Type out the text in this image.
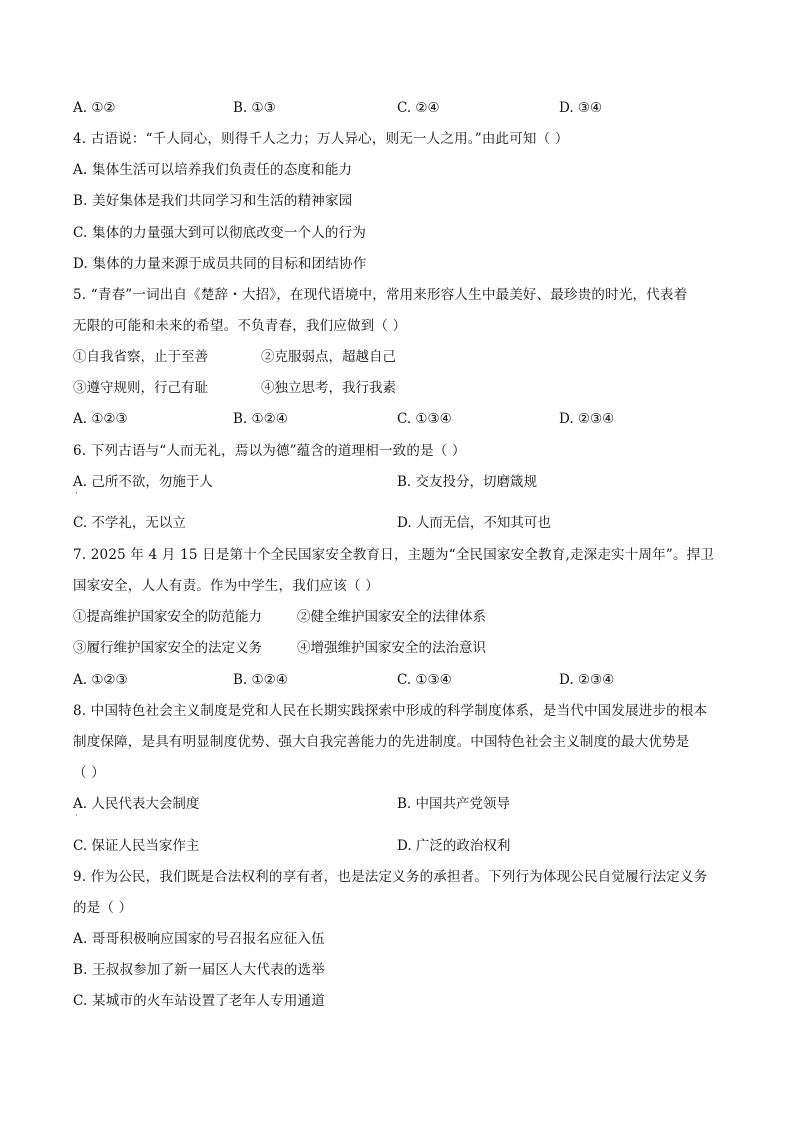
A. ①②	B. ①③	C. ②④	D. ③④
4. 古语说：“千人同心，则得千人之力；万人异心，则无一人之用。”由此可知（ ）
A. 集体生活可以培养我们负责任的态度和能力
B. 美好集体是我们共同学习和生活的精神家园
C. 集体的力量强大到可以彻底改变一个人的行为
D. 集体的力量来源于成员共同的目标和团结协作
5. “青春”一词出自《楚辞・大招》，在现代语境中，常用来形容人生中最美好、最珍贵的时光，代表着
无限的可能和未来的希望。不负青春，我们应做到（ ）
①自我省察，止于至善	②克服弱点，超越自己
③遵守规则，行己有耻	④独立思考，我行我素
A. ①②③	B. ①②④	C. ①③④	D. ②③④
6. 下列古语与“人而无礼，焉以为德”蕴含的道理相一致的是（ ）
A. 己所不欲，勿施于人	B. 交友投分，切磨箴规
C. 不学礼，无以立	D. 人而无信，不知其可也
7. 2025 年 4 月 15 日是第十个全民国家安全教育日，主题为“全民国家安全教育,走深走实十周年”。捍卫
国家安全，人人有责。作为中学生，我们应该（ ）
①提高维护国家安全的防范能力	②健全维护国家安全的法律体系
③履行维护国家安全的法定义务	④增强维护国家安全的法治意识
A. ①②③	B. ①②④	C. ①③④	D. ②③④
8. 中国特色社会主义制度是党和人民在长期实践探索中形成的科学制度体系，是当代中国发展进步的根本
制度保障，是具有明显制度优势、强大自我完善能力的先进制度。中国特色社会主义制度的最大优势是
（ ）
A. 人民代表大会制度	B. 中国共产党领导
C. 保证人民当家作主	D. 广泛的政治权利
9. 作为公民，我们既是合法权利的享有者，也是法定义务的承担者。下列行为体现公民自觉履行法定义务
的是（ ）
A. 哥哥积极响应国家的号召报名应征入伍
B. 王叔叔参加了新一届区人大代表的选举
C. 某城市的火车站设置了老年人专用通道
·
·
